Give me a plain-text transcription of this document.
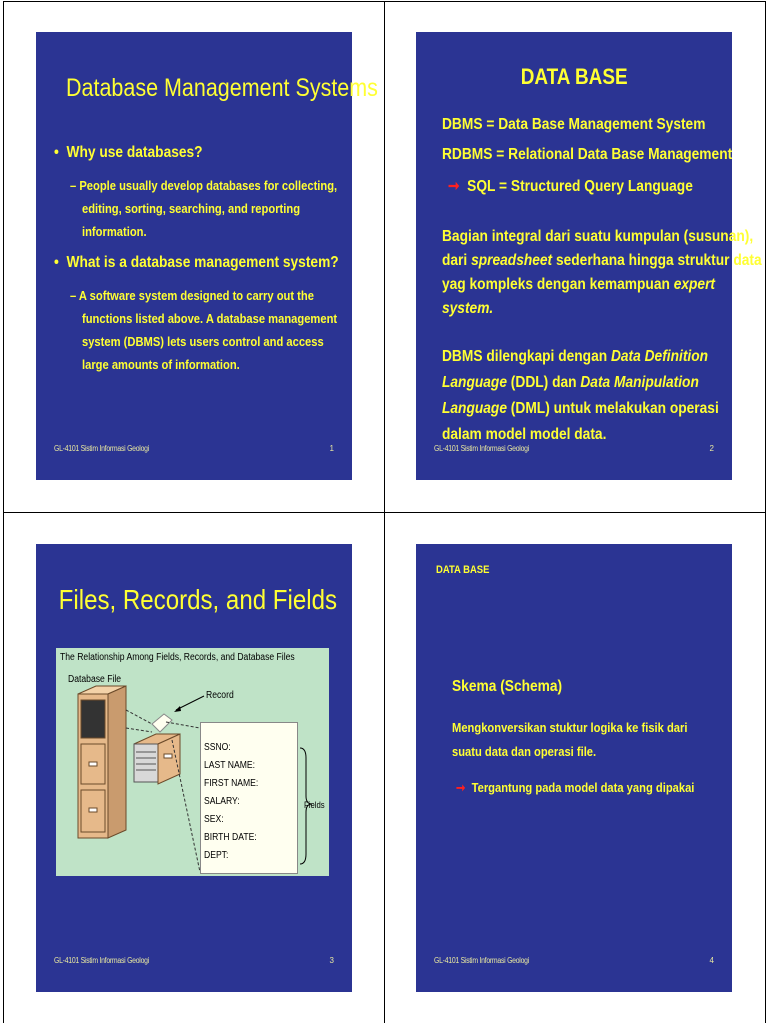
Database Management Systems
•  Why use databases?
– People usually develop databases for collecting,
editing, sorting, searching, and reporting
information.
•  What is a database management system?
– A software system designed to carry out the
functions listed above. A database management
system (DBMS) lets users control and access
large amounts of information.
GL-4101 Sistim Informasi Geologi	1
DATA BASE
DBMS = Data Base Management System
RDBMS = Relational Data Base Management
➞ SQL = Structured Query Language
Bagian integral dari suatu kumpulan (susunan),
dari spreadsheet sederhana hingga struktur data
yag kompleks dengan kemampuan expert
system.
DBMS dilengkapi dengan Data Definition
Language (DDL) dan Data Manipulation
Language (DML) untuk melakukan operasi
dalam model model data.
GL-4101 Sistim Informasi Geologi	2
Files, Records, and Fields
The Relationship Among Fields, Records, and Database Files
Database File
Record
SSNO:
LAST NAME:
FIRST NAME:
SALARY:
SEX:
BIRTH DATE:
DEPT:
Fields
GL-4101 Sistim Informasi Geologi	3
DATA BASE
Skema (Schema)
Mengkonversikan stuktur logika ke fisik dari
suatu data dan operasi file.
➞ Tergantung pada model data yang dipakai
GL-4101 Sistim Informasi Geologi	4
